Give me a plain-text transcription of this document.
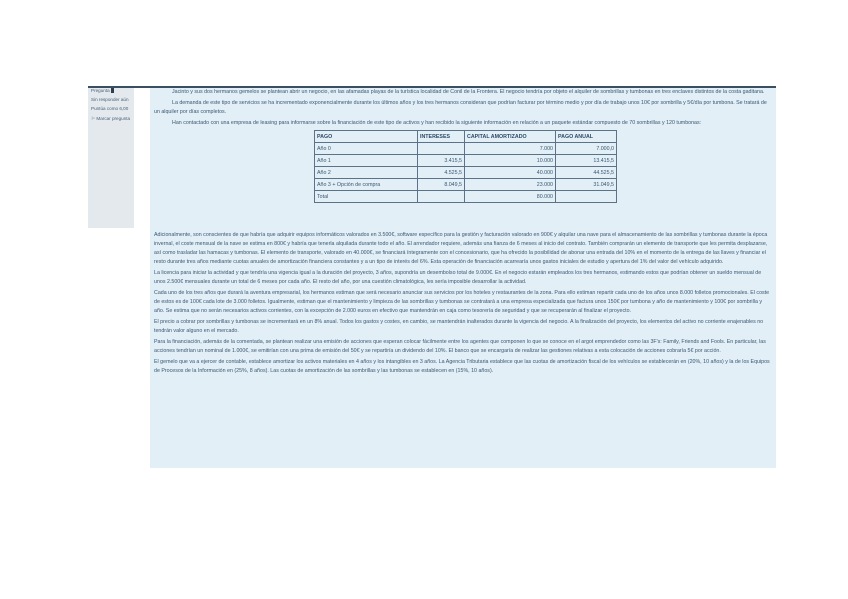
Pregunta
Sin responder aún
Puntúa como 6,00
⚐ Marcar pregunta

Jacinto y sus dos hermanos gemelos se plantean abrir un negocio, en las afamadas playas de la turística localidad de Conil de la Frontera. El negocio tendría por objeto el alquiler de sombrillas y tumbonas en tres enclaves distintos de la costa gaditana.

La demanda de este tipo de servicios se ha incrementado exponencialmente durante los últimos años y los tres hermanos consideran que podrían facturar por término medio y por día de trabajo unos 10€ por sombrilla y 5€/día por tumbona. Se tratará de un alquiler por días completos.

Han contactado con una empresa de leasing para informarse sobre la financiación de este tipo de activos y han recibido la siguiente información en relación a un paquete estándar compuesto de 70 sombrillas y 120 tumbonas:

PAGO	INTERESES	CAPITAL AMORTIZADO	PAGO ANUAL
Año 0		7.000	7.000,0
Año 1	3.415,5	10.000	13.415,5
Año 2	4.525,5	40.000	44.525,5
Año 3 + Opción de compra	8.049,5	23.000	31.049,5
Total		80.000	

Adicionalmente, son conscientes de que habría que adquirir equipos informáticos valorados en 3.500€, software específico para la gestión y facturación valorado en 900€ y alquilar una nave para el almacenamiento de las sombrillas y tumbonas durante la época invernal, el coste mensual de la nave se estima en 800€ y habría que tenerla alquilada durante todo el año. El arrendador requiere, además una fianza de 6 meses al inicio del contrato. También comprarán un elemento de transporte que les permita desplazarse, así como trasladar las hamacas y tumbonas. El elemento de transporte, valorado en 40.000€, se financiará íntegramente con el concesionario, que ha ofrecido la posibilidad de abonar una entrada del 10% en el momento de la entrega de las llaves y financiar el resto durante tres años mediante cuotas anuales de amortización financiera constantes y a un tipo de interés del 6%. Esta operación de financiación acarrearía unos gastos iniciales de estudio y apertura del 1% del valor del vehículo adquirido.

La licencia para iniciar la actividad y que tendría una vigencia igual a la duración del proyecto, 3 años, supondría un desembolso total de 9.000€. En el negocio estarán empleados los tres hermanos, estimando estos que podrían obtener un sueldo mensual de unos 2.500€ mensuales durante un total de 6 meses por cada año. El resto del año, por una cuestión climatológica, les sería imposible desarrollar la actividad.

Cada uno de los tres años que durará la aventura empresarial, los hermanos estiman que será necesario anunciar sus servicios por los hoteles y restaurantes de la zona. Para ello estiman repartir cada uno de los años unos 8.000 folletos promocionales. El coste de estos es de 100€ cada lote de 3.000 folletos. Igualmente, estiman que el mantenimiento y limpieza de las sombrillas y tumbonas se contratará a una empresa especializada que factura unos 150€ por tumbona y año de mantenimiento y 100€ por sombrilla y año. Se estima que no serán necesarios activos corrientes, con la excepción de 2.000 euros en efectivo que mantendrán en caja como tesorería de seguridad y que se recuperarán al finalizar el proyecto.

El precio a cobrar por sombrillas y tumbonas se incrementará en un 8% anual. Todos los gastos y costes, en cambio, se mantendrán inalterados durante la vigencia del negocio. A la finalización del proyecto, los elementos del activo no corriente enajenables no tendrán valor alguno en el mercado.

Para la financiación, además de la comentada, se plantean realizar una emisión de acciones que esperan colocar fácilmente entre los agentes que componen lo que se conoce en el argot emprendedor como las 3F's: Family, Friends and Fools. En particular, las acciones tendrían un nominal de 1.000€, se emitirían con una prima de emisión del 50€ y se repartiría un dividendo del 10%. El banco que se encargaría de realizar las gestiones relativas a esta colocación de acciones cobraría 5€ por acción.

El gemelo que va a ejercer de contable, establece amortizar los activos materiales en 4 años y los intangibles en 3 años. La Agencia Tributaria establece que las cuotas de amortización fiscal de los vehículos se establecerán en (20%, 10 años) y la de los Equipos de Procesos de la Información en (25%, 8 años). Las cuotas de amortización de las sombrillas y las tumbonas se establecen en (15%, 10 años).
